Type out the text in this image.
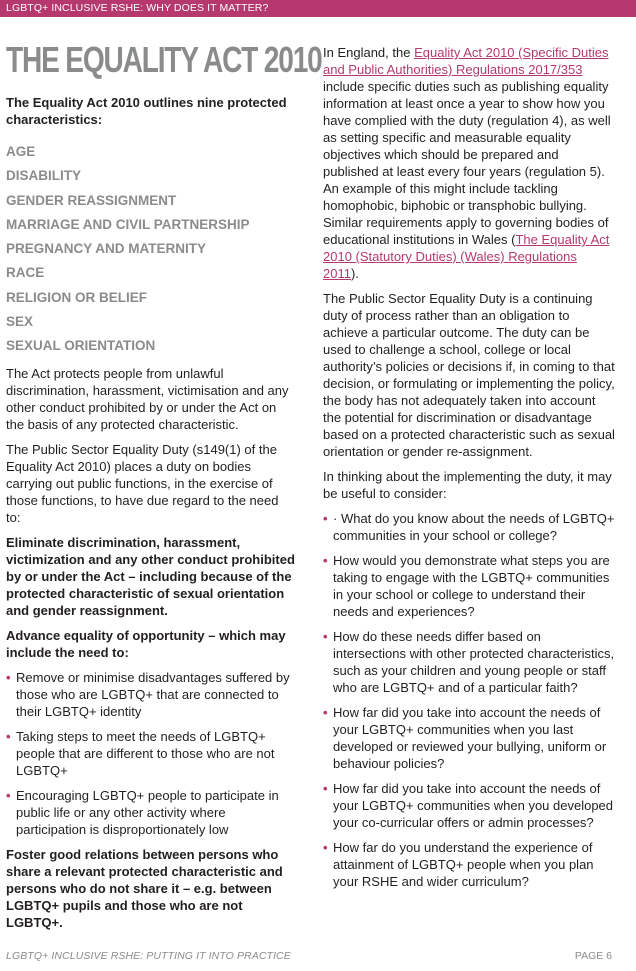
LGBTQ+ INCLUSIVE RSHE: WHY DOES IT MATTER?
THE EQUALITY ACT 2010
The Equality Act 2010 outlines nine protected characteristics:
AGE
DISABILITY
GENDER REASSIGNMENT
MARRIAGE AND CIVIL PARTNERSHIP
PREGNANCY AND MATERNITY
RACE
RELIGION OR BELIEF
SEX
SEXUAL ORIENTATION

The Act protects people from unlawful discrimination, harassment, victimisation and any other conduct prohibited by or under the Act on the basis of any protected characteristic.

The Public Sector Equality Duty (s149(1) of the Equality Act 2010) places a duty on bodies carrying out public functions, in the exercise of those functions, to have due regard to the need to:

Eliminate discrimination, harassment, victimization and any other conduct prohibited by or under the Act – including because of the protected characteristic of sexual orientation and gender reassignment.

Advance equality of opportunity – which may include the need to:

• Remove or minimise disadvantages suffered by those who are LGBTQ+ that are connected to their LGBTQ+ identity
• Taking steps to meet the needs of LGBTQ+ people that are different to those who are not LGBTQ+
• Encouraging LGBTQ+ people to participate in public life or any other activity where participation is disproportionately low

Foster good relations between persons who share a relevant protected characteristic and persons who do not share it – e.g. between LGBTQ+ pupils and those who are not LGBTQ+.

In England, the Equality Act 2010 (Specific Duties and Public Authorities) Regulations 2017/353 include specific duties such as publishing equality information at least once a year to show how you have complied with the duty (regulation 4), as well as setting specific and measurable equality objectives which should be prepared and published at least every four years (regulation 5). An example of this might include tackling homophobic, biphobic or transphobic bullying. Similar requirements apply to governing bodies of educational institutions in Wales (The Equality Act 2010 (Statutory Duties) (Wales) Regulations 2011).

The Public Sector Equality Duty is a continuing duty of process rather than an obligation to achieve a particular outcome. The duty can be used to challenge a school, college or local authority’s policies or decisions if, in coming to that decision, or formulating or implementing the policy, the body has not adequately taken into account the potential for discrimination or disadvantage based on a protected characteristic such as sexual orientation or gender re-assignment.

In thinking about the implementing the duty, it may be useful to consider:

• · What do you know about the needs of LGBTQ+ communities in your school or college?
• How would you demonstrate what steps you are taking to engage with the LGBTQ+ communities in your school or college to understand their needs and experiences?
• How do these needs differ based on intersections with other protected characteristics, such as your children and young people or staff who are LGBTQ+ and of a particular faith?
• How far did you take into account the needs of your LGBTQ+ communities when you last developed or reviewed your bullying, uniform or behaviour policies?
• How far did you take into account the needs of your LGBTQ+ communities when you developed your co-curricular offers or admin processes?
• How far do you understand the experience of attainment of LGBTQ+ people when you plan your RSHE and wider curriculum?
LGBTQ+ INCLUSIVE RSHE: PUTTING IT INTO PRACTICE	PAGE 6
